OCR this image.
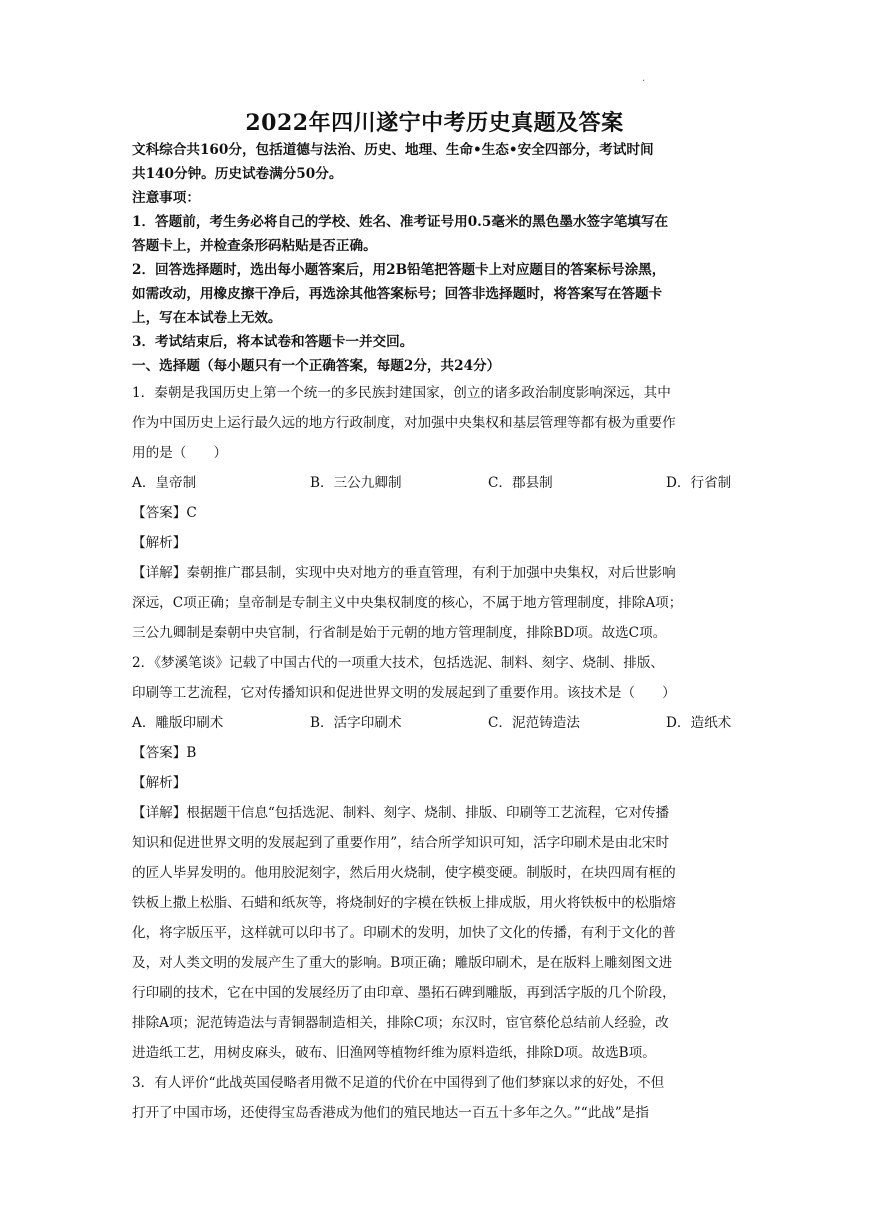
·
2022年四川遂宁中考历史真题及答案

文科综合共160分，包括道德与法治、历史、地理、生命•生态•安全四部分，考试时间

共140分钟。历史试卷满分50分。

注意事项：

1．答题前，考生务必将自己的学校、姓名、准考证号用0.5毫米的黑色墨水签字笔填写在

答题卡上，并检查条形码粘贴是否正确。

2．回答选择题时，选出每小题答案后，用2B铅笔把答题卡上对应题目的答案标号涂黑，

如需改动，用橡皮擦干净后，再选涂其他答案标号；回答非选择题时，将答案写在答题卡

上，写在本试卷上无效。

3．考试结束后，将本试卷和答题卡一并交回。

一、选择题（每小题只有一个正确答案，每题2分，共24分）

1．秦朝是我国历史上第一个统一的多民族封建国家，创立的诸多政治制度影响深远，其中

作为中国历史上运行最久远的地方行政制度，对加强中央集权和基层管理等都有极为重要作

用的是（　　）

A．皇帝制	B．三公九卿制	C．郡县制	D．行省制

【答案】C

【解析】

【详解】秦朝推广郡县制，实现中央对地方的垂直管理，有利于加强中央集权，对后世影响

深远，C项正确；皇帝制是专制主义中央集权制度的核心，不属于地方管理制度，排除A项；

三公九卿制是秦朝中央官制，行省制是始于元朝的地方管理制度，排除BD项。故选C项。

2．《梦溪笔谈》记载了中国古代的一项重大技术，包括选泥、制料、刻字、烧制、排版、

印刷等工艺流程，它对传播知识和促进世界文明的发展起到了重要作用。该技术是（　　）

A．雕版印刷术	B．活字印刷术	C．泥范铸造法	D．造纸术

【答案】B

【解析】

【详解】根据题干信息“包括选泥、制料、刻字、烧制、排版、印刷等工艺流程，它对传播

知识和促进世界文明的发展起到了重要作用”，结合所学知识可知，活字印刷术是由北宋时

的匠人毕昇发明的。他用胶泥刻字，然后用火烧制，使字模变硬。制版时，在块四周有框的

铁板上撒上松脂、石蜡和纸灰等，将烧制好的字模在铁板上排成版，用火将铁板中的松脂熔

化，将字版压平，这样就可以印书了。印刷术的发明，加快了文化的传播，有利于文化的普

及，对人类文明的发展产生了重大的影响。B项正确；雕版印刷术，是在版料上雕刻图文进

行印刷的技术，它在中国的发展经历了由印章、墨拓石碑到雕版，再到活字版的几个阶段，

排除A项；泥范铸造法与青铜器制造相关，排除C项；东汉时，宦官蔡伦总结前人经验，改

进造纸工艺，用树皮麻头，破布、旧渔网等植物纤维为原料造纸，排除D项。故选B项。

3．有人评价“此战英国侵略者用微不足道的代价在中国得到了他们梦寐以求的好处，不但

打开了中国市场，还使得宝岛香港成为他们的殖民地达一百五十多年之久。”“此战”是指
